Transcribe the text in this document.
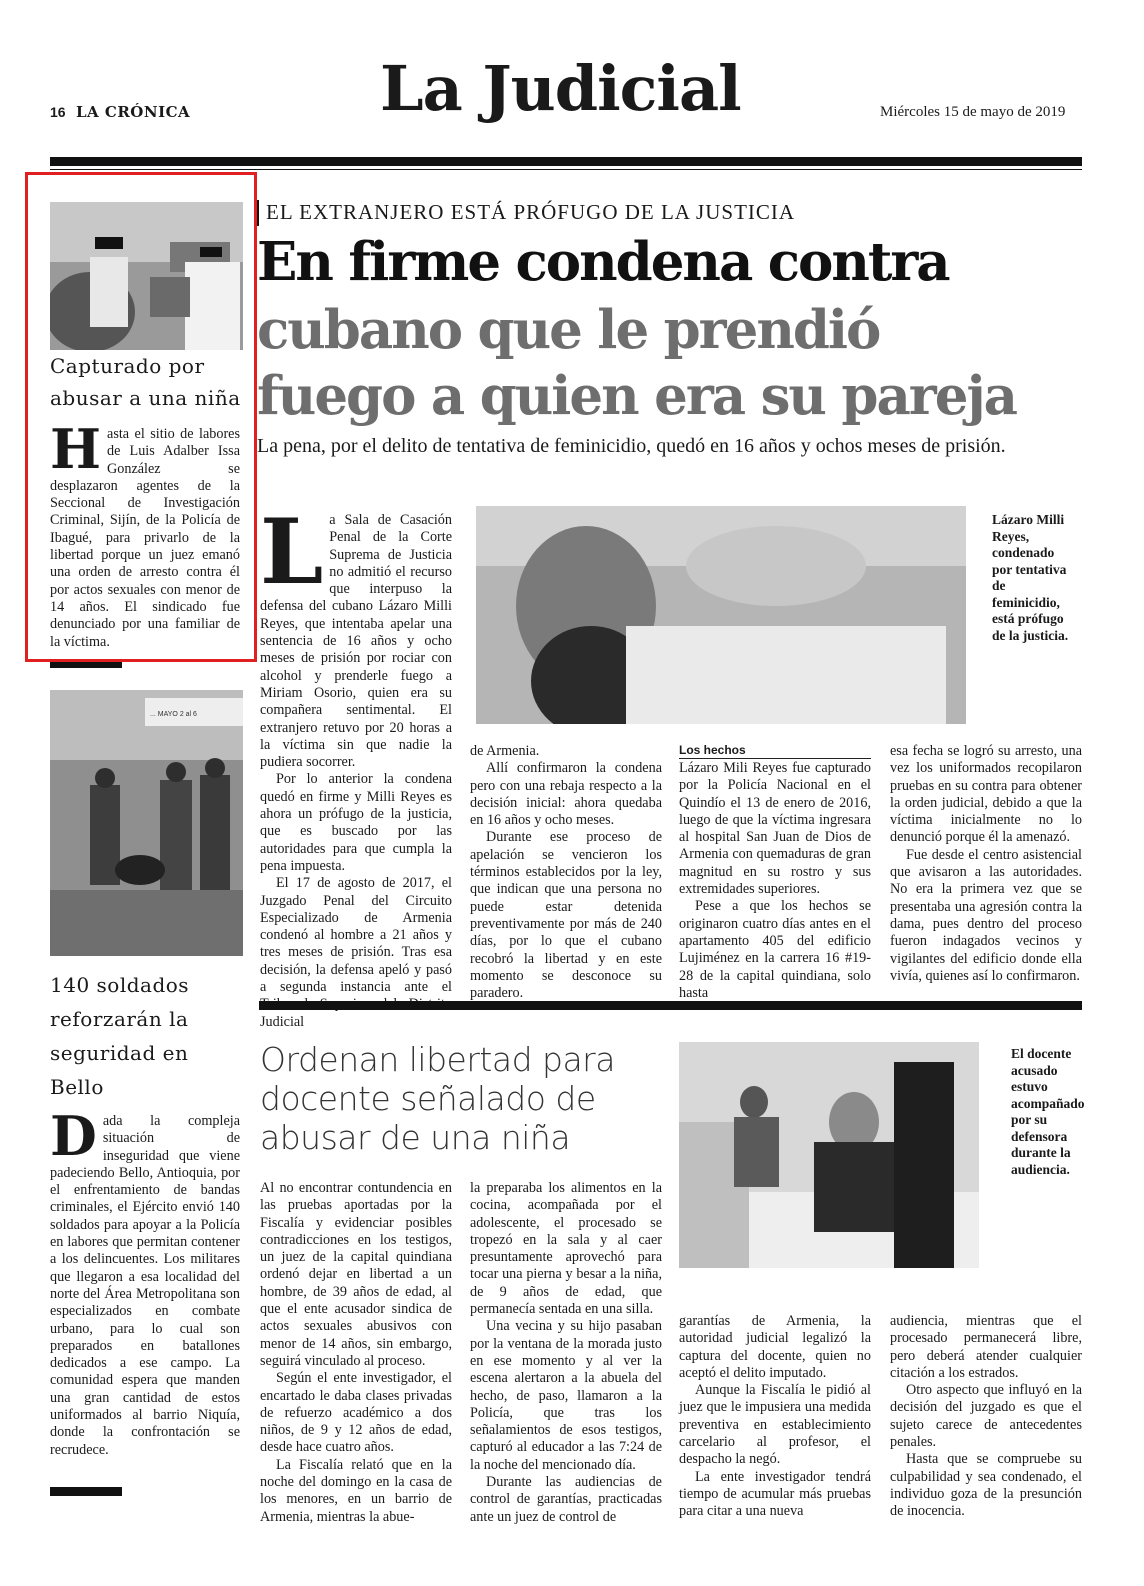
16 LA CRÓNICA	La Judicial	Miércoles 15 de mayo de 2019
Capturado por abusar a una niña
Hasta el sitio de labores de Luis Adalber Issa González se desplazaron agentes de la Seccional de Investigación Criminal, Sijín, de la Policía de Ibagué, para privarlo de la libertad porque un juez emanó una orden de arresto contra él por actos sexuales con menor de 14 años. El sindicado fue denunciado por una familiar de la víctima.
... MAYO 2 al 6
140 soldados reforzarán la seguridad en Bello
Dada la compleja situación de inseguridad que viene padeciendo Bello, Antioquia, por el enfrentamiento de bandas criminales, el Ejército envió 140 soldados para apoyar a la Policía en labores que permitan contener a los delincuentes. Los militares que llegaron a esa localidad del norte del Área Metropolitana son especializados en combate urbano, para lo cual son preparados en batallones dedicados a ese campo. La comunidad espera que manden una gran cantidad de estos uniformados al barrio Niquía, donde la confrontación se recrudece.
EL EXTRANJERO ESTÁ PRÓFUGO DE LA JUSTICIA
En firme condena contra
cubano que le prendió
fuego a quien era su pareja
La pena, por el delito de tentativa de feminicidio, quedó en 16 años y ochos meses de prisión.
Lázaro Milli Reyes, condenado por tentativa de feminicidio, está prófugo de la justicia.
L a Sala de Casación Penal de la Corte Suprema de Justicia no admitió el recurso que interpuso la defensa del cubano Lázaro Milli Reyes, que intentaba apelar una sentencia de 16 años y ocho meses de prisión por rociar con alcohol y prenderle fuego a Miriam Osorio, quien era su compañera sentimental. El extranjero retuvo por 20 horas a la víctima sin que nadie la pudiera socorrer.

Por lo anterior la condena quedó en firme y Milli Reyes es ahora un prófugo de la justicia, que es buscado por las autoridades para que cumpla la pena impuesta.

El 17 de agosto de 2017, el Juzgado Penal del Circuito Especializado de Armenia condenó al hombre a 21 años y tres meses de prisión. Tras esa decisión, la defensa apeló y pasó a segunda instancia ante el Judicial

de Armenia.

Allí confirmaron la condena pero con una rebaja respecto a la decisión inicial: ahora quedaba en 16 años y ocho meses.

Durante ese proceso de apelación se vencieron los términos establecidos por la ley, que indican que una persona no puede estar detenida preventivamente por más de 240 días, por lo que el cubano recobró la libertad y en este momento se desconoce su paradero.

Los hechos

Lázaro Mili Reyes fue capturado por la Policía Nacional en el Quindío el 13 de enero de 2016, luego de que la víctima ingresara al hospital San Juan de Dios de Armenia con quemaduras de gran magnitud en su rostro y sus extremidades superiores.

Pese a que los hechos se originaron cuatro días antes en el apartamento 405 del edificio Lujiménez en la carrera 16 #19-28 de la capital quindiana, solo hasta

esa fecha se logró su arresto, una vez los uniformados recopilaron pruebas en su contra para obtener la orden judicial, debido a que la víctima inicialmente no lo denunció porque él la amenazó.

Fue desde el centro asistencial que avisaron a las autoridades. No era la primera vez que se presentaba una agresión contra la dama, pues dentro del proceso fueron indagados vecinos y vigilantes del edificio donde ella vivía, quienes así lo confirmaron.

Ordenan libertad para docente señalado de abusar de una niña
El docente acusado estuvo acompañado por su defensora durante la audiencia.

Al no encontrar contundencia en las pruebas aportadas por la Fiscalía y evidenciar posibles contradicciones en los testigos, un juez de la capital quindiana ordenó dejar en libertad a un hombre, de 39 años de edad, al que el ente acusador sindica de actos sexuales abusivos con menor de 14 años, sin embargo, seguirá vinculado al proceso.

Según el ente investigador, el encartado le daba clases privadas de refuerzo académico a dos niños, de 9 y 12 años de edad, desde hace cuatro años.

La Fiscalía relató que en la noche del domingo en la casa de los menores, en un barrio de Armenia, mientras la abue-

la preparaba los alimentos en la cocina, acompañada por el adolescente, el procesado se tropezó en la sala y al caer presuntamente aprovechó para tocar una pierna y besar a la niña, de 9 años de edad, que permanecía sentada en una silla.

Una vecina y su hijo pasaban por la ventana de la morada justo en ese momento y al ver la escena alertaron a la abuela del hecho, de paso, llamaron a la Policía, que tras los señalamientos de esos testigos, capturó al educador a las 7:24 de la noche del mencionado día.

Durante las audiencias de control de garantías, practicadas ante un juez de control de

garantías de Armenia, la autoridad judicial legalizó la captura del docente, quien no aceptó el delito imputado.

Aunque la Fiscalía le pidió al juez que le impusiera una medida preventiva en establecimiento carcelario al profesor, el despacho la negó.

La ente investigador tendrá tiempo de acumular más pruebas para citar a una nueva

audiencia, mientras que el procesado permanecerá libre, pero deberá atender cualquier citación a los estrados.

Otro aspecto que influyó en la decisión del juzgado es que el sujeto carece de antecedentes penales.

Hasta que se compruebe su culpabilidad y sea condenado, el individuo goza de la presunción de inocencia.
